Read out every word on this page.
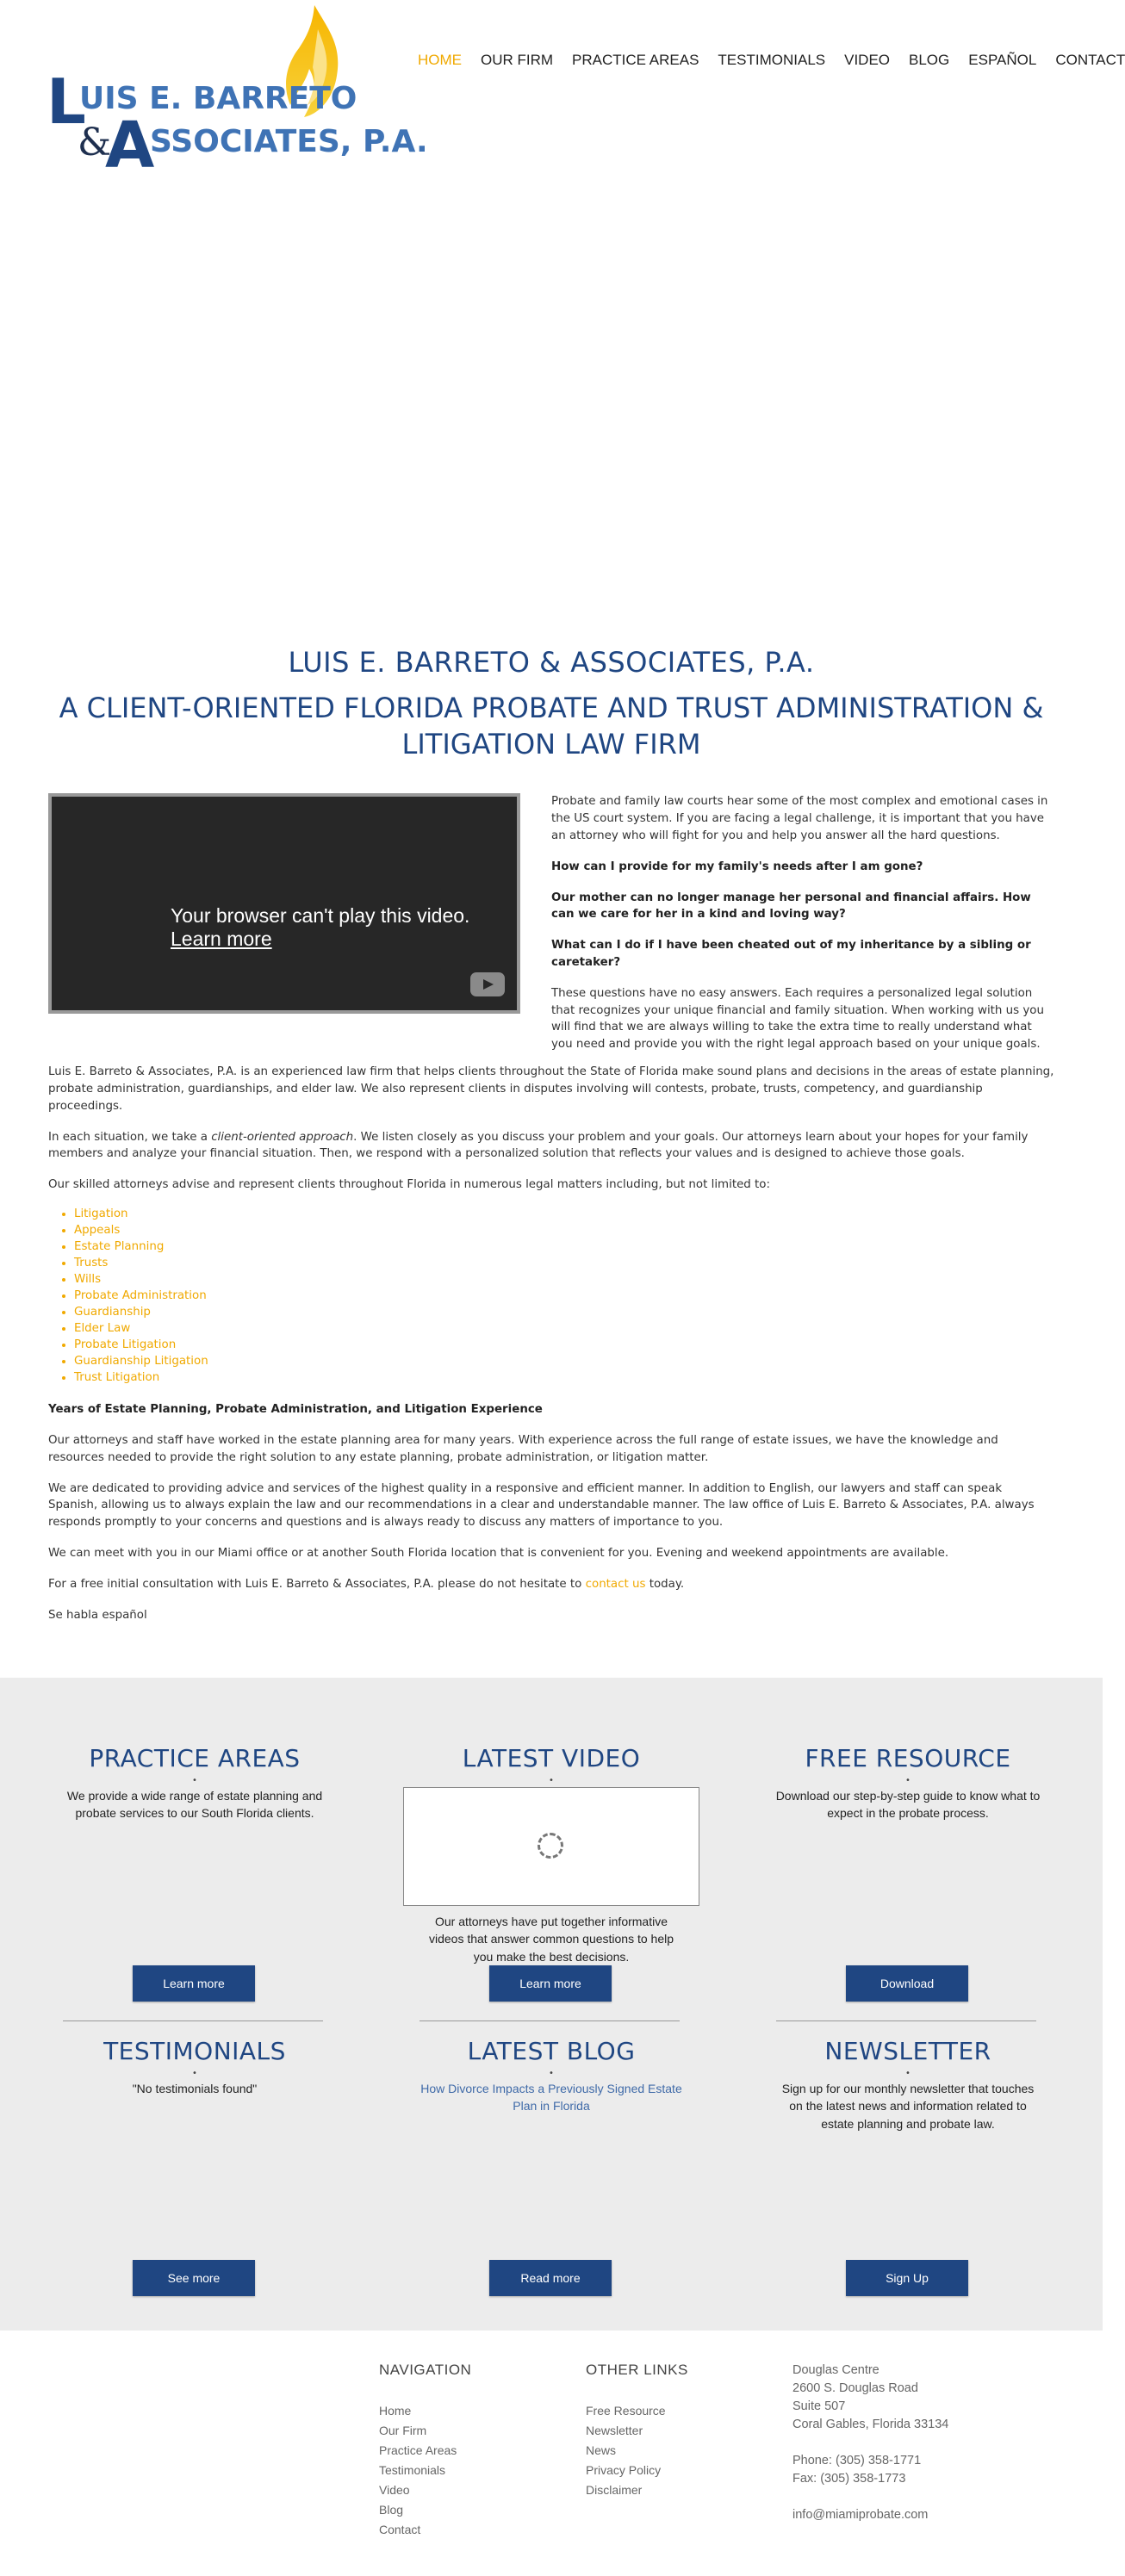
L
UIS E. BARRETO
&
A
SSOCIATES, P.A.
HOME OUR FIRM PRACTICE AREAS TESTIMONIALS VIDEO BLOG ESPAÑOL CONTACT
LUIS E. BARRETO & ASSOCIATES, P.A.
A CLIENT-ORIENTED FLORIDA PROBATE AND TRUST ADMINISTRATION & LITIGATION LAW FIRM
Your browser can't play this video.
Learn more

Probate and family law courts hear some of the most complex and emotional cases in the US court system. If you are facing a legal challenge, it is important that you have an attorney who will fight for you and help you answer all the hard questions.

How can I provide for my family's needs after I am gone?

Our mother can no longer manage her personal and financial affairs. How can we care for her in a kind and loving way?

What can I do if I have been cheated out of my inheritance by a sibling or caretaker?

These questions have no easy answers. Each requires a personalized legal solution that recognizes your unique financial and family situation. When working with us you will find that we are always willing to take the extra time to really understand what you need and provide you with the right legal approach based on your unique goals.

Luis E. Barreto & Associates, P.A. is an experienced law firm that helps clients throughout the State of Florida make sound plans and decisions in the areas of estate planning, probate administration, guardianships, and elder law. We also represent clients in disputes involving will contests, probate, trusts, competency, and guardianship proceedings.

In each situation, we take a client-oriented approach. We listen closely as you discuss your problem and your goals. Our attorneys learn about your hopes for your family members and analyze your financial situation. Then, we respond with a personalized solution that reflects your values and is designed to achieve those goals.

Our skilled attorneys advise and represent clients throughout Florida in numerous legal matters including, but not limited to:

• Litigation
• Appeals
• Estate Planning
• Trusts
• Wills
• Probate Administration
• Guardianship
• Elder Law
• Probate Litigation
• Guardianship Litigation
• Trust Litigation

Years of Estate Planning, Probate Administration, and Litigation Experience

Our attorneys and staff have worked in the estate planning area for many years. With experience across the full range of estate issues, we have the knowledge and resources needed to provide the right solution to any estate planning, probate administration, or litigation matter.

We are dedicated to providing advice and services of the highest quality in a responsive and efficient manner. In addition to English, our lawyers and staff can speak Spanish, allowing us to always explain the law and our recommendations in a clear and understandable manner. The law office of Luis E. Barreto & Associates, P.A. always responds promptly to your concerns and questions and is always ready to discuss any matters of importance to you.

We can meet with you in our Miami office or at another South Florida location that is convenient for you. Evening and weekend appointments are available.

For a free initial consultation with Luis E. Barreto & Associates, P.A. please do not hesitate to contact us today.

Se habla español

PRACTICE AREAS
•
We provide a wide range of estate planning and probate services to our South Florida clients.
Learn more
LATEST VIDEO
•
Our attorneys have put together informative videos that answer common questions to help you make the best decisions.
Learn more
FREE RESOURCE
•
Download our step-by-step guide to know what to expect in the probate process.
Download
TESTIMONIALS
•
"No testimonials found"
See more
LATEST BLOG
•
How Divorce Impacts a Previously Signed Estate Plan in Florida
Read more
NEWSLETTER
•
Sign up for our monthly newsletter that touches on the latest news and information related to estate planning and probate law.
Sign Up
NAVIGATION
Home
Our Firm
Practice Areas
Testimonials
Video
Blog
Contact
OTHER LINKS
Free Resource
Newsletter
News
Privacy Policy
Disclaimer
Douglas Centre
2600 S. Douglas Road
Suite 507
Coral Gables, Florida 33134
Phone: (305) 358-1771
Fax: (305) 358-1773
info@miamiprobate.com
